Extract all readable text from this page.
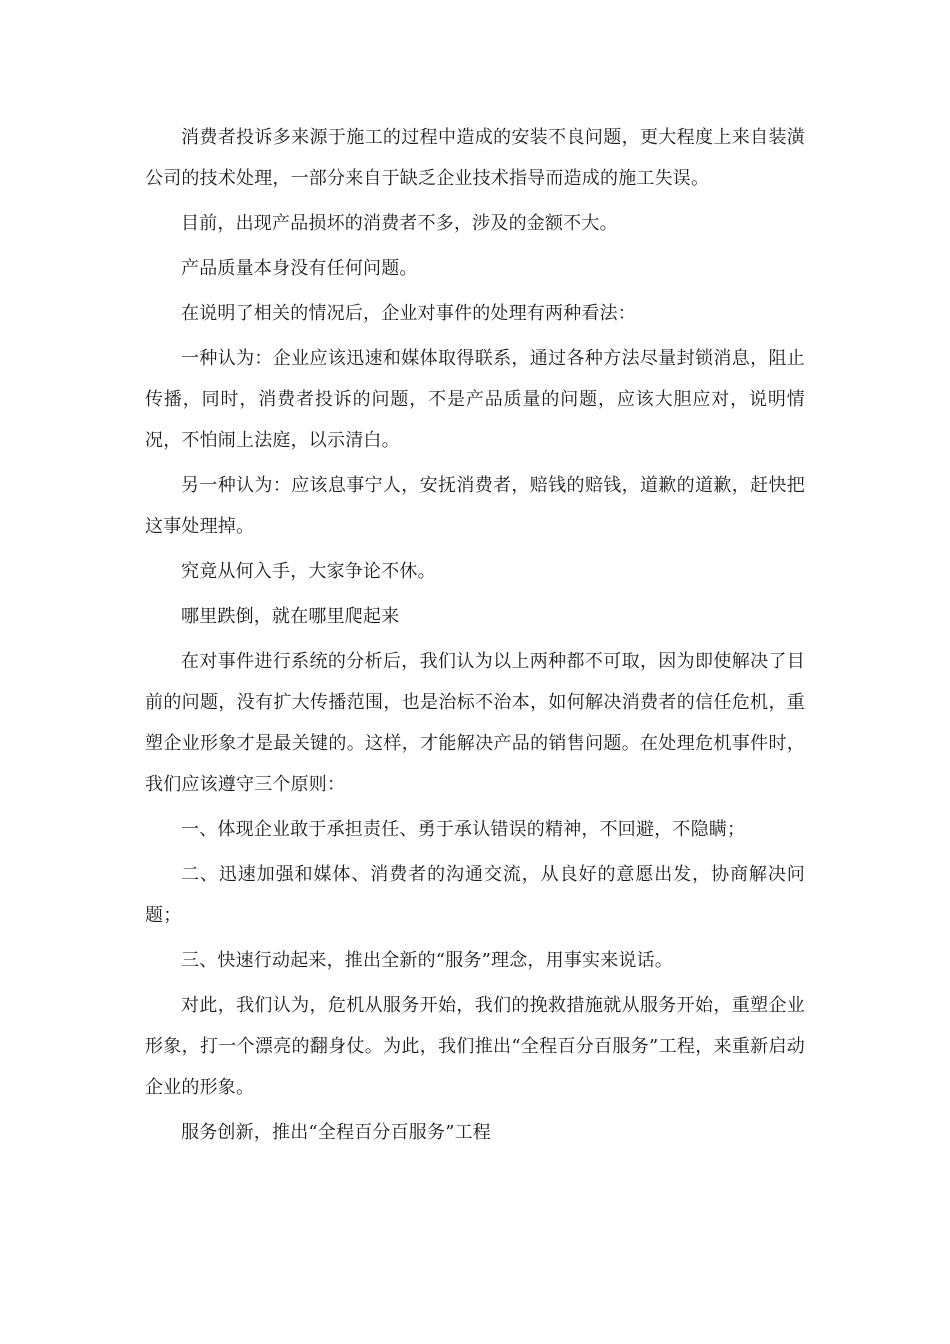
消费者投诉多来源于施工的过程中造成的安装不良问题，更大程度上来自装潢公司的技术处理，一部分来自于缺乏企业技术指导而造成的施工失误。

目前，出现产品损坏的消费者不多，涉及的金额不大。

产品质量本身没有任何问题。

在说明了相关的情况后，企业对事件的处理有两种看法：

一种认为：企业应该迅速和媒体取得联系，通过各种方法尽量封锁消息，阻止传播，同时，消费者投诉的问题，不是产品质量的问题，应该大胆应对，说明情况，不怕闹上法庭，以示清白。

另一种认为：应该息事宁人，安抚消费者，赔钱的赔钱，道歉的道歉，赶快把这事处理掉。

究竟从何入手，大家争论不休。

哪里跌倒，就在哪里爬起来

在对事件进行系统的分析后，我们认为以上两种都不可取，因为即使解决了目前的问题，没有扩大传播范围，也是治标不治本，如何解决消费者的信任危机，重塑企业形象才是最关键的。这样，才能解决产品的销售问题。在处理危机事件时，我们应该遵守三个原则：

一、体现企业敢于承担责任、勇于承认错误的精神，不回避，不隐瞒；

二、迅速加强和媒体、消费者的沟通交流，从良好的意愿出发，协商解决问题；

三、快速行动起来，推出全新的“服务”理念，用事实来说话。

对此，我们认为，危机从服务开始，我们的挽救措施就从服务开始，重塑企业形象，打一个漂亮的翻身仗。为此，我们推出“全程百分百服务”工程，来重新启动企业的形象。

服务创新，推出“全程百分百服务”工程
